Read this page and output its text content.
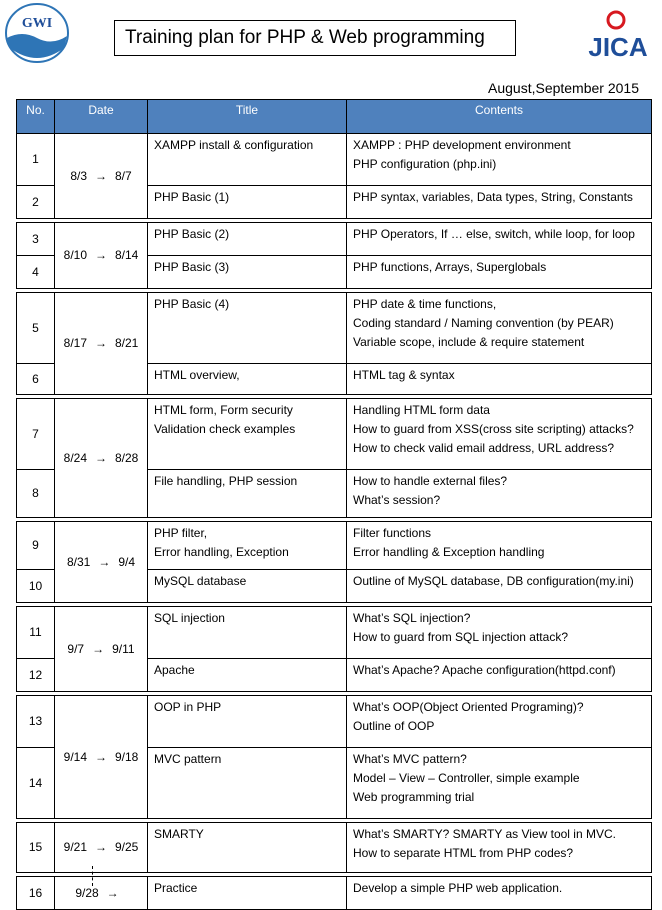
GWI
JICA
Training plan for PHP & Web programming
August,September 2015
No.	Date	Title	Contents
1	8/3 → 8/7	XAMPP install & configuration	XAMPP : PHP development environment
PHP configuration (php.ini)

2		PHP Basic (1)	PHP syntax, variables, Data types, String, Constants

3	8/10 → 8/14	PHP Basic (2)	PHP Operators, If … else, switch, while loop, for loop

4		PHP Basic (3)	PHP functions, Arrays, Superglobals

5	8/17 → 8/21	PHP Basic (4)	PHP date & time functions,
Coding standard / Naming convention (by PEAR)
Variable scope, include & require statement

6		HTML overview,	HTML tag & syntax

7	8/24 → 8/28	HTML form, Form security
Validation check examples	Handling HTML form data
How to guard from XSS(cross site scripting) attacks?
How to check valid email address, URL address?

8		File handling, PHP session	How to handle external files?
What’s session?

9	8/31 → 9/4	PHP filter,
Error handling, Exception	Filter functions
Error handling & Exception handling

10		MySQL database	Outline of MySQL database, DB configuration(my.ini)

11	9/7 → 9/11	SQL injection	What’s SQL injection?
How to guard from SQL injection attack?

12		Apache	What’s Apache? Apache configuration(httpd.conf)

13	9/14 → 9/18	OOP in PHP	What’s OOP(Object Oriented Programing)?
Outline of OOP

14		MVC pattern	What’s MVC pattern?
Model – View – Controller, simple example
Web programming trial

15	9/21 → 9/25	SMARTY	What’s SMARTY? SMARTY as View tool in MVC.
How to separate HTML from PHP codes?

16	9/28 →	Practice	Develop a simple PHP web application.
